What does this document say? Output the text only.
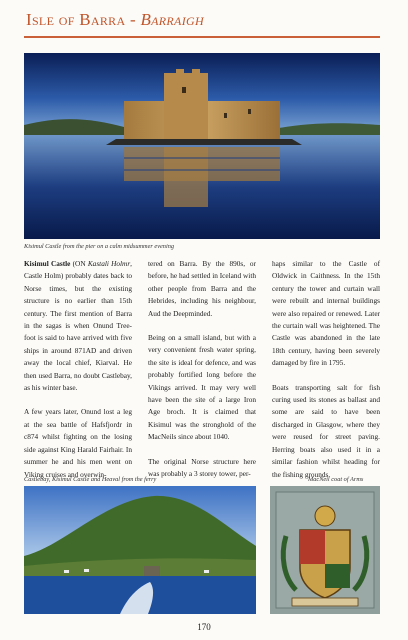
Isle of Barra - Barraigh
Kisimul Castle from the pier on a calm midsummer evening

Kisimul Castle (ON Kastali Holmr, Castle Holm) probably dates back to Norse times, but the existing structure is no earlier than 15th century. The first mention of Barra in the sagas is when Onund Tree-foot is said to have arrived with five ships in around 871AD and driven away the local chief, Kiarval. He then used Barra, no doubt Castlebay, as his winter base.

A few years later, Onund lost a leg at the sea battle of Hafsfjordr in c874 whilst fighting on the losing side against King Harald Fairhair. In summer he and his men went on Viking cruises and overwin-

tered on Barra. By the 890s, or before, he had settled in Iceland with other people from Barra and the Hebrides, including his neighbour, Aud the Deepminded.

Being on a small island, but with a very convenient fresh water spring, the site is ideal for defence, and was probably fortified long before the Vikings arrived. It may very well have been the site of a large Iron Age broch. It is claimed that Kisimul was the stronghold of the MacNeils since about 1040.

The original Norse structure here was probably a 3 storey tower, per-

haps similar to the Castle of Oldwick in Caithness. In the 15th century the tower and curtain wall were rebuilt and internal buildings were also repaired or renewed. Later the curtain wall was heightened. The Castle was abandoned in the late 18th century, having been severely damaged by fire in 1795.

Boats transporting salt for fish curing used its stones as ballast and some are said to have been discharged in Glasgow, where they were reused for street paving. Herring boats also used it in a similar fashion whilst heading for the fishing grounds.

Castlebay, Kisimul Castle and Heaval from the ferry	MacNeil coat of Arms
170
